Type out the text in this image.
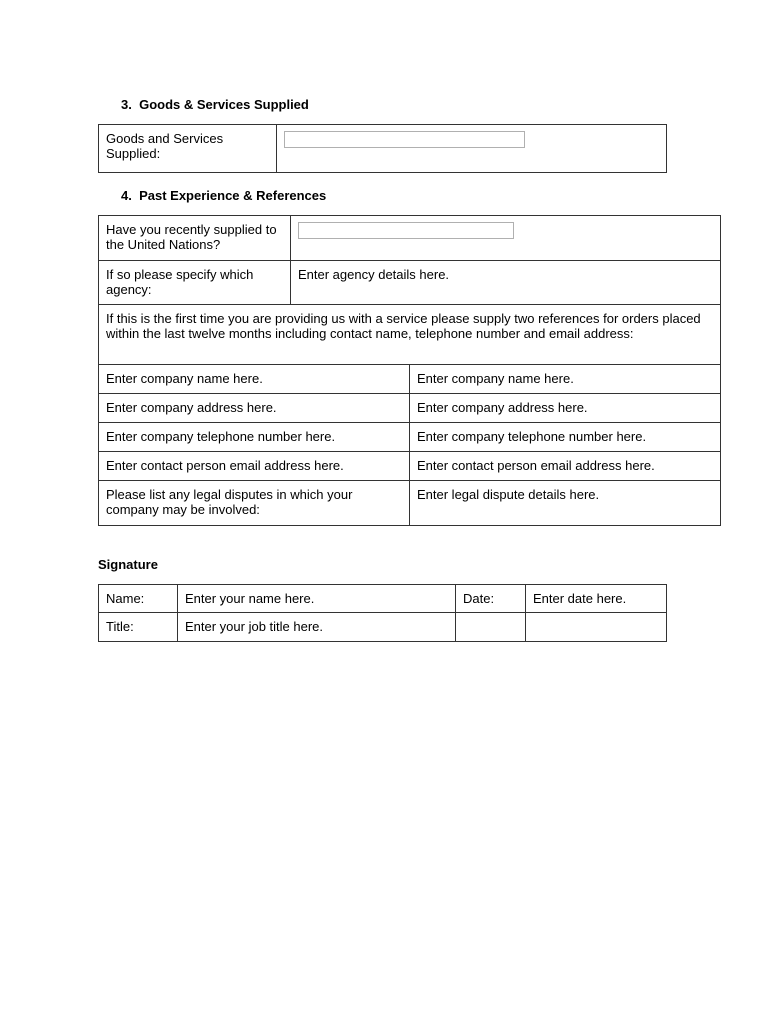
3. Goods & Services Supplied
Goods and Services Supplied:	
4. Past Experience & References
Have you recently supplied to the United Nations?	

If so please specify which agency:	Enter agency details here.
If this is the first time you are providing us with a service please supply two references for orders placed within the last twelve months including contact name, telephone number and email address:	
Enter company name here.	Enter company name here.
Enter company address here.	Enter company address here.
Enter company telephone number here.	Enter company telephone number here.
Enter contact person email address here.	Enter contact person email address here.
Please list any legal disputes in which your company may be involved:	Enter legal dispute details here.
Signature
Name:	Enter your name here.	Date:	Enter date here.
Title:	Enter your job title here.		
